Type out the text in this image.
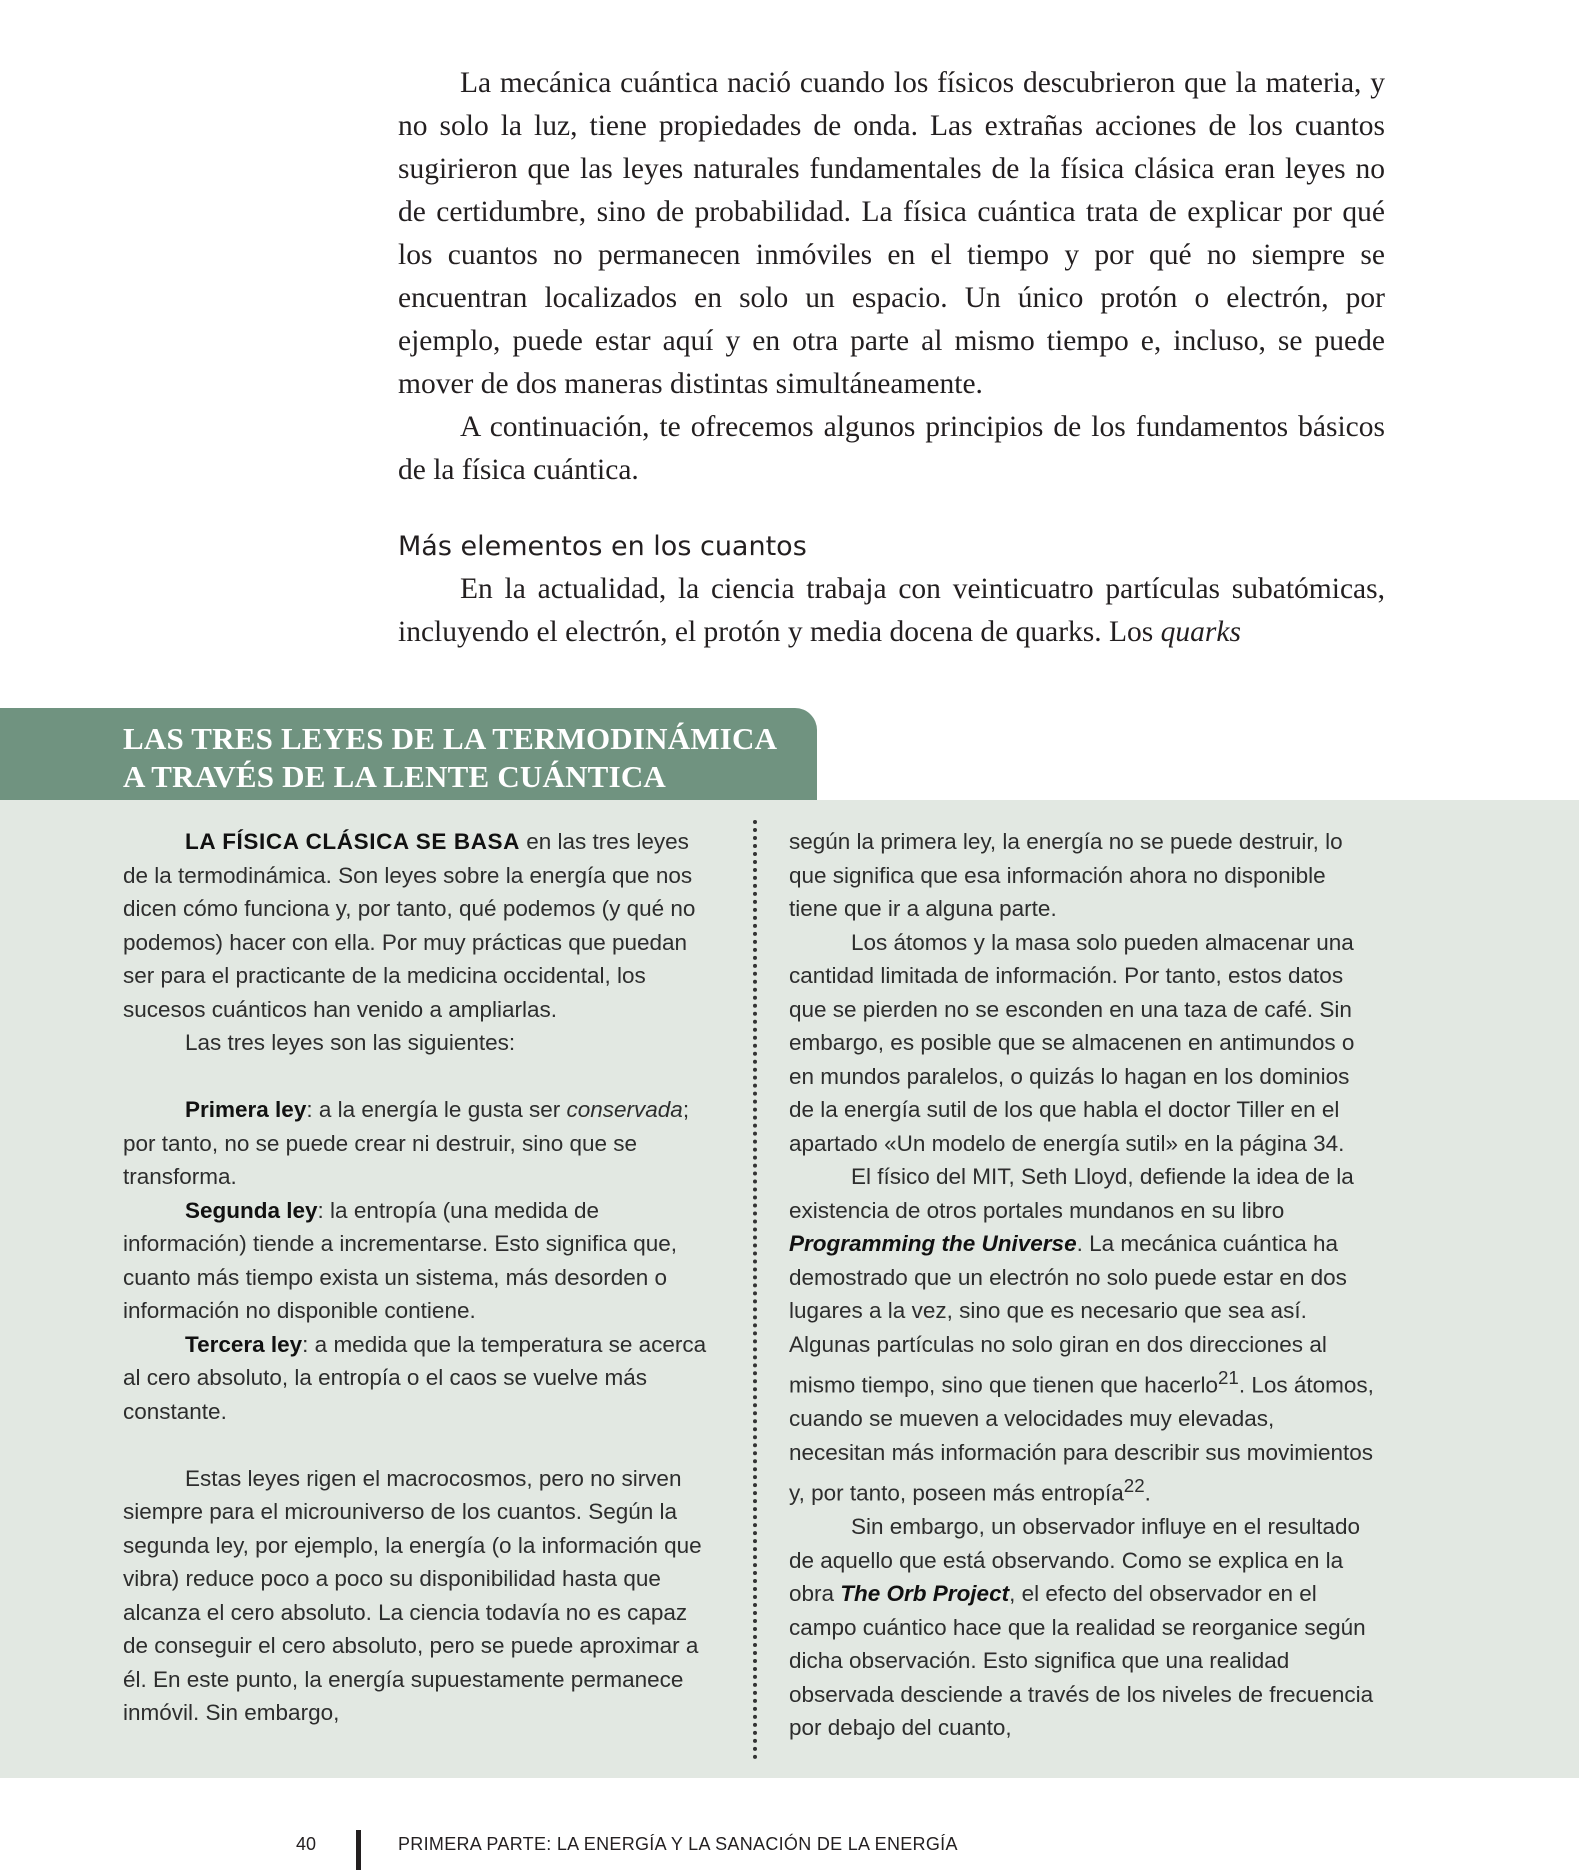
La mecánica cuántica nació cuando los físicos descubrieron que la materia, y no solo la luz, tiene propiedades de onda. Las extrañas acciones de los cuantos sugirieron que las leyes naturales fundamentales de la física clásica eran leyes no de certidumbre, sino de probabilidad. La física cuántica trata de explicar por qué los cuantos no permanecen inmóviles en el tiempo y por qué no siempre se encuentran localizados en solo un espacio. Un único protón o electrón, por ejemplo, puede estar aquí y en otra parte al mismo tiempo e, incluso, se puede mover de dos maneras distintas simultáneamente.

A continuación, te ofrecemos algunos principios de los fundamentos básicos de la física cuántica.

Más elementos en los cuantos

En la actualidad, la ciencia trabaja con veinticuatro partículas subatómicas, incluyendo el electrón, el protón y media docena de quarks. Los quarks

LAS TRES LEYES DE LA TERMODINÁMICA
A TRAVÉS DE LA LENTE CUÁNTICA

LA FÍSICA CLÁSICA SE BASA en las tres leyes de la termodinámica. Son leyes sobre la energía que nos dicen cómo funciona y, por tanto, qué podemos (y qué no podemos) hacer con ella. Por muy prácticas que puedan ser para el practicante de la medicina occidental, los sucesos cuánticos han venido a ampliarlas.

Las tres leyes son las siguientes:

Primera ley: a la energía le gusta ser conservada; por tanto, no se puede crear ni destruir, sino que se transforma.

Segunda ley: la entropía (una medida de información) tiende a incrementarse. Esto significa que, cuanto más tiempo exista un sistema, más desorden o información no disponible contiene.

Tercera ley: a medida que la temperatura se acerca al cero absoluto, la entropía o el caos se vuelve más constante.

Estas leyes rigen el macrocosmos, pero no sirven siempre para el microuniverso de los cuantos. Según la segunda ley, por ejemplo, la energía (o la información que vibra) reduce poco a poco su disponibilidad hasta que alcanza el cero absoluto. La ciencia todavía no es capaz de conseguir el cero absoluto, pero se puede aproximar a él. En este punto, la energía supuestamente permanece inmóvil. Sin embargo,

según la primera ley, la energía no se puede destruir, lo que significa que esa información ahora no disponible tiene que ir a alguna parte.

Los átomos y la masa solo pueden almacenar una cantidad limitada de información. Por tanto, estos datos que se pierden no se esconden en una taza de café. Sin embargo, es posible que se almacenen en antimundos o en mundos paralelos, o quizás lo hagan en los dominios de la energía sutil de los que habla el doctor Tiller en el apartado «Un modelo de energía sutil» en la página 34.

El físico del MIT, Seth Lloyd, defiende la idea de la existencia de otros portales mundanos en su libro Programming the Universe. La mecánica cuántica ha demostrado que un electrón no solo puede estar en dos lugares a la vez, sino que es necesario que sea así. Algunas partículas no solo giran en dos direcciones al mismo tiempo, sino que tienen que hacerlo$^{21}$. Los átomos, cuando se mueven a velocidades muy elevadas, necesitan más información para describir sus movimientos y, por tanto, poseen más entropía$^{22}$.

Sin embargo, un observador influye en el resultado de aquello que está observando. Como se explica en la obra The Orb Project, el efecto del observador en el campo cuántico hace que la realidad se reorganice según dicha observación. Esto significa que una realidad observada desciende a través de los niveles de frecuencia por debajo del cuanto,

40	PRIMERA PARTE: LA ENERGÍA Y LA SANACIÓN DE LA ENERGÍA
